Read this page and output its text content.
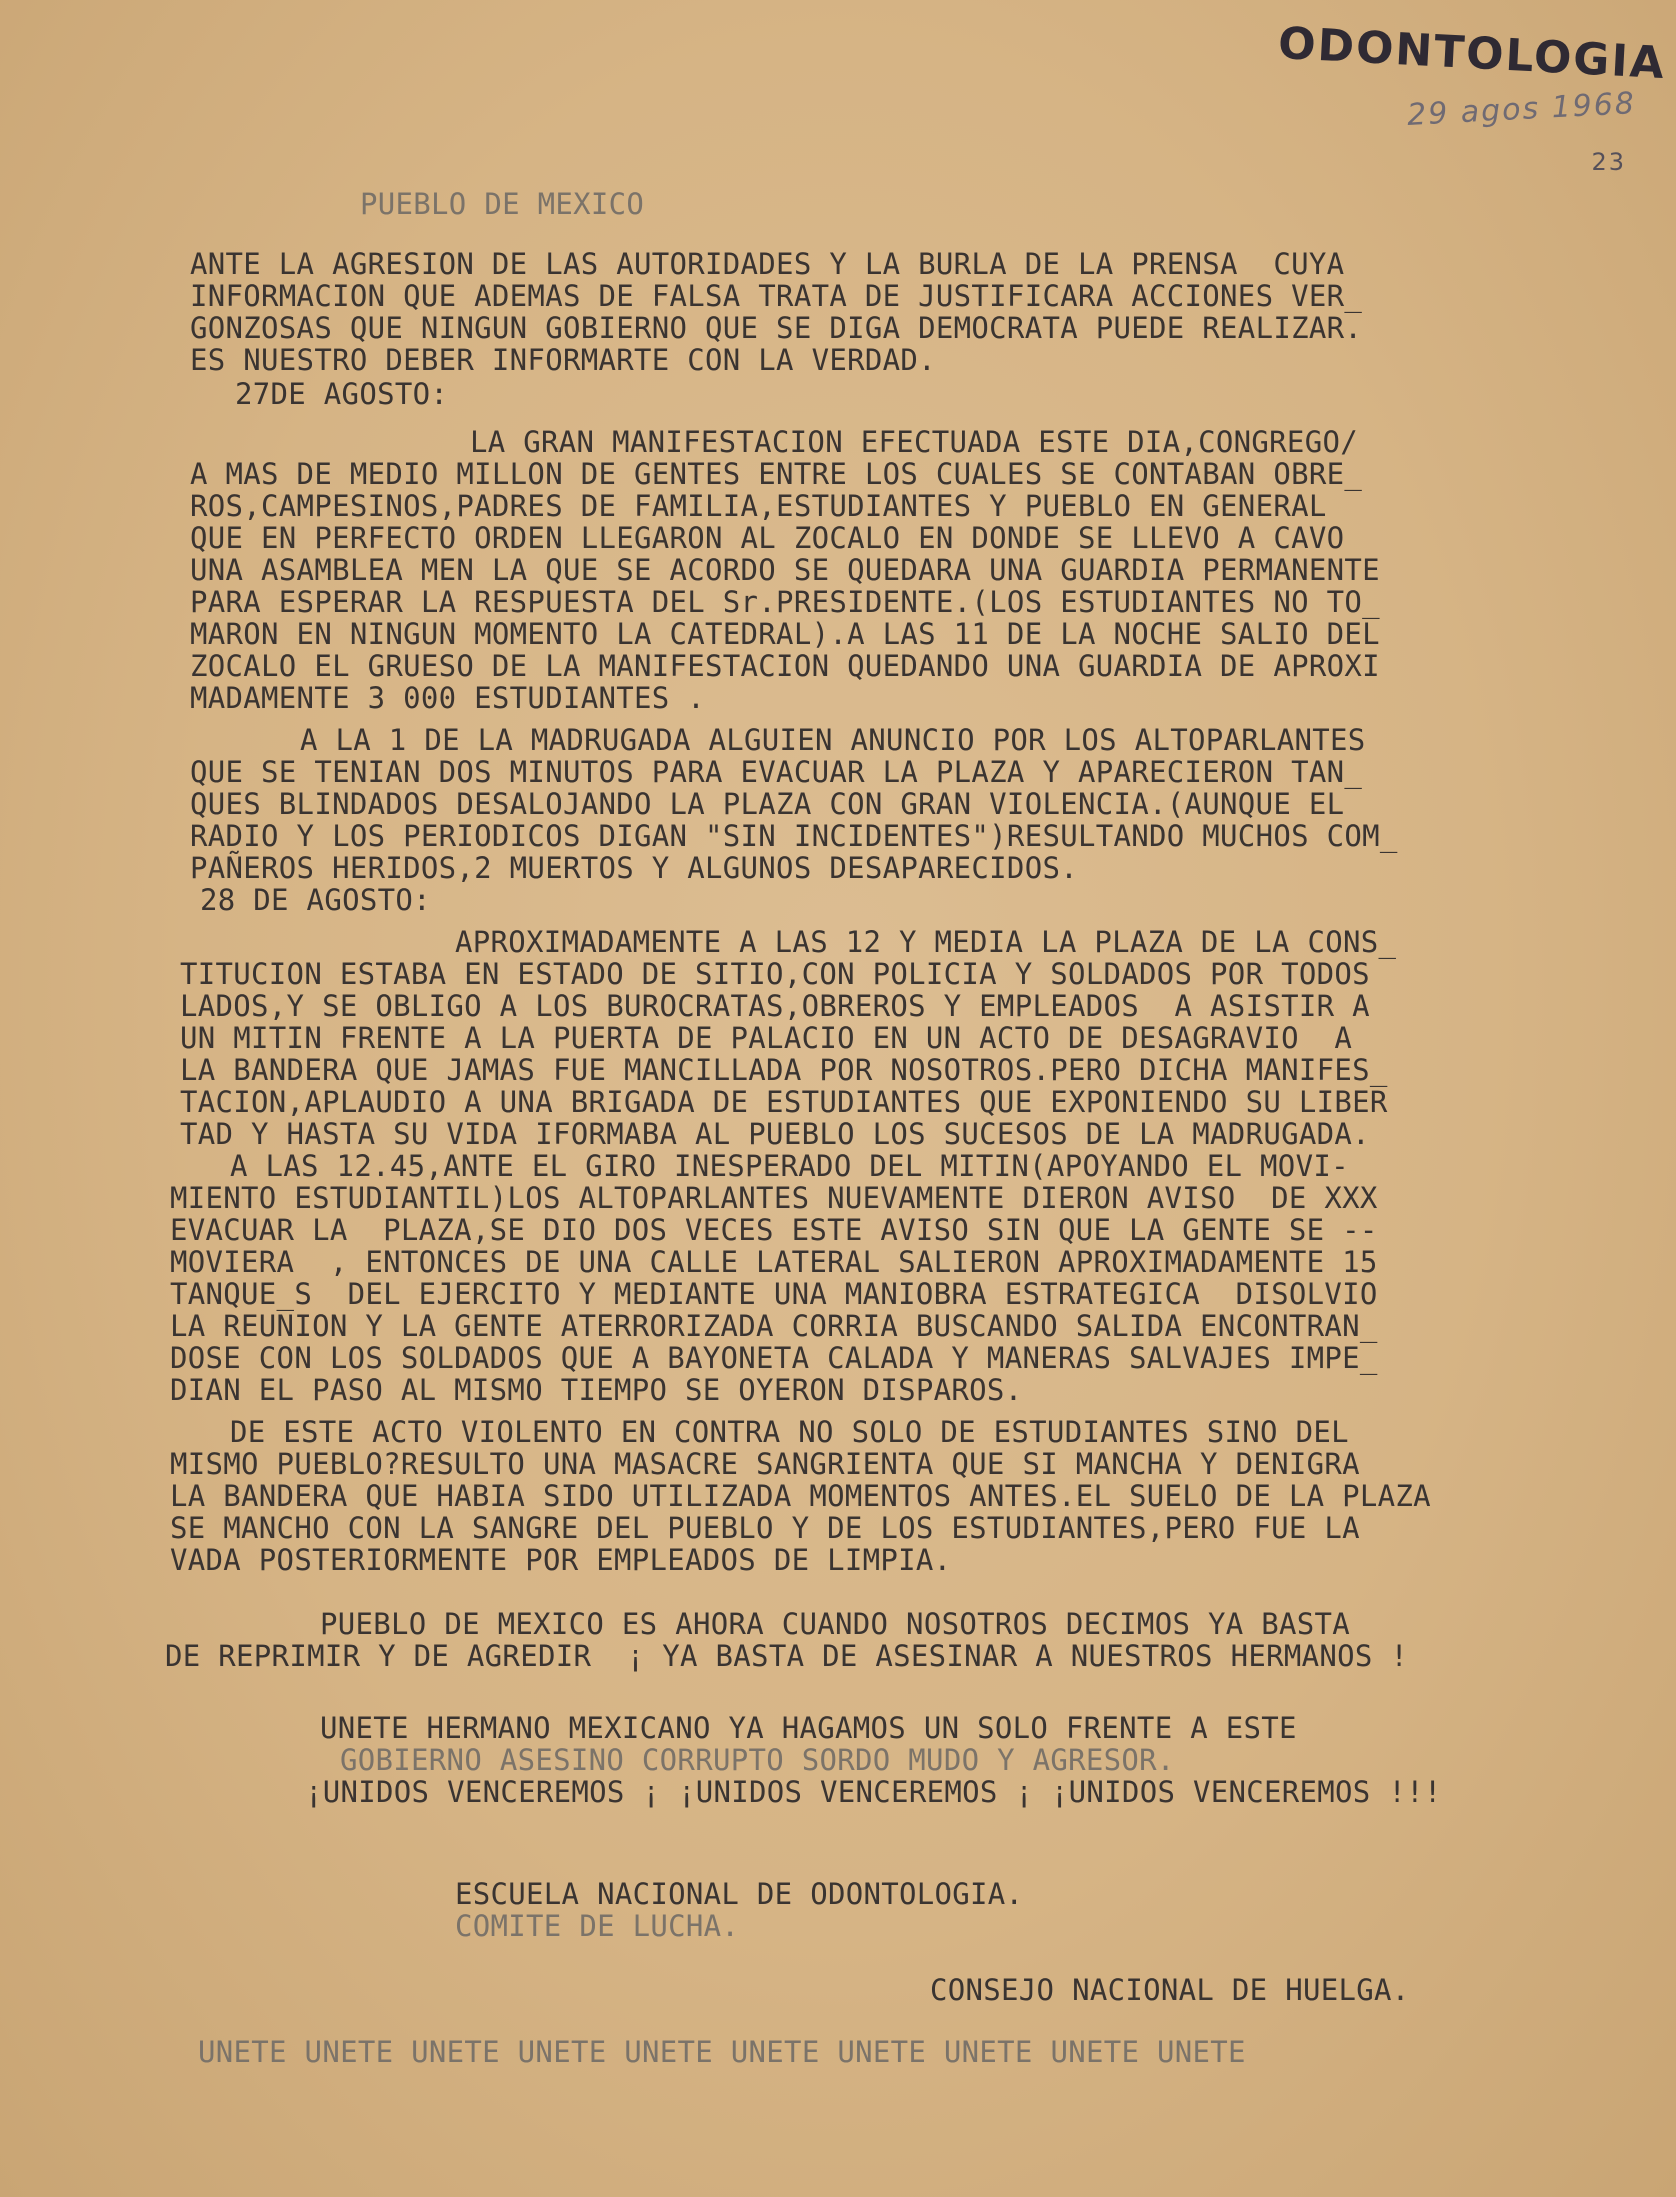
ODONTOLOGIA
29 agos 1968
23
PUEBLO DE MEXICO
ANTE LA AGRESION DE LAS AUTORIDADES Y LA BURLA DE LA PRENSA  CUYA
INFORMACION QUE ADEMAS DE FALSA TRATA DE JUSTIFICARA ACCIONES VER_
GONZOSAS QUE NINGUN GOBIERNO QUE SE DIGA DEMOCRATA PUEDE REALIZAR.
ES NUESTRO DEBER INFORMARTE CON LA VERDAD.
27DE AGOSTO:
LA GRAN MANIFESTACION EFECTUADA ESTE DIA,CONGREGO/
A MAS DE MEDIO MILLON DE GENTES ENTRE LOS CUALES SE CONTABAN OBRE_
ROS,CAMPESINOS,PADRES DE FAMILIA,ESTUDIANTES Y PUEBLO EN GENERAL
QUE EN PERFECTO ORDEN LLEGARON AL ZOCALO EN DONDE SE LLEVO A CAVO
UNA ASAMBLEA MEN LA QUE SE ACORDO SE QUEDARA UNA GUARDIA PERMANENTE
PARA ESPERAR LA RESPUESTA DEL Sr.PRESIDENTE.(LOS ESTUDIANTES NO TO_
MARON EN NINGUN MOMENTO LA CATEDRAL).A LAS 11 DE LA NOCHE SALIO DEL
ZOCALO EL GRUESO DE LA MANIFESTACION QUEDANDO UNA GUARDIA DE APROXI
MADAMENTE 3 000 ESTUDIANTES .
A LA 1 DE LA MADRUGADA ALGUIEN ANUNCIO POR LOS ALTOPARLANTES
QUE SE TENIAN DOS MINUTOS PARA EVACUAR LA PLAZA Y APARECIERON TAN_
QUES BLINDADOS DESALOJANDO LA PLAZA CON GRAN VIOLENCIA.(AUNQUE EL
RADIO Y LOS PERIODICOS DIGAN "SIN INCIDENTES")RESULTANDO MUCHOS COM_
PAÑEROS HERIDOS,2 MUERTOS Y ALGUNOS DESAPARECIDOS.
28 DE AGOSTO:
APROXIMADAMENTE A LAS 12 Y MEDIA LA PLAZA DE LA CONS_
TITUCION ESTABA EN ESTADO DE SITIO,CON POLICIA Y SOLDADOS POR TODOS
LADOS,Y SE OBLIGO A LOS BUROCRATAS,OBREROS Y EMPLEADOS  A ASISTIR A
UN MITIN FRENTE A LA PUERTA DE PALACIO EN UN ACTO DE DESAGRAVIO  A
LA BANDERA QUE JAMAS FUE MANCILLADA POR NOSOTROS.PERO DICHA MANIFES_
TACION,APLAUDIO A UNA BRIGADA DE ESTUDIANTES QUE EXPONIENDO SU LIBER
TAD Y HASTA SU VIDA IFORMABA AL PUEBLO LOS SUCESOS DE LA MADRUGADA.
A LAS 12.45,ANTE EL GIRO INESPERADO DEL MITIN(APOYANDO EL MOVI-
MIENTO ESTUDIANTIL)LOS ALTOPARLANTES NUEVAMENTE DIERON AVISO  DE XXX
EVACUAR LA  PLAZA,SE DIO DOS VECES ESTE AVISO SIN QUE LA GENTE SE --
MOVIERA  , ENTONCES DE UNA CALLE LATERAL SALIERON APROXIMADAMENTE 15
TANQUE_S  DEL EJERCITO Y MEDIANTE UNA MANIOBRA ESTRATEGICA  DISOLVIO
LA REUNION Y LA GENTE ATERRORIZADA CORRIA BUSCANDO SALIDA ENCONTRAN_
DOSE CON LOS SOLDADOS QUE A BAYONETA CALADA Y MANERAS SALVAJES IMPE_
DIAN EL PASO AL MISMO TIEMPO SE OYERON DISPAROS.
DE ESTE ACTO VIOLENTO EN CONTRA NO SOLO DE ESTUDIANTES SINO DEL
MISMO PUEBLO?RESULTO UNA MASACRE SANGRIENTA QUE SI MANCHA Y DENIGRA
LA BANDERA QUE HABIA SIDO UTILIZADA MOMENTOS ANTES.EL SUELO DE LA PLAZA
SE MANCHO CON LA SANGRE DEL PUEBLO Y DE LOS ESTUDIANTES,PERO FUE LA
VADA POSTERIORMENTE POR EMPLEADOS DE LIMPIA.
PUEBLO DE MEXICO ES AHORA CUANDO NOSOTROS DECIMOS YA BASTA
DE REPRIMIR Y DE AGREDIR  ¡ YA BASTA DE ASESINAR A NUESTROS HERMANOS !
UNETE HERMANO MEXICANO YA HAGAMOS UN SOLO FRENTE A ESTE
GOBIERNO ASESINO CORRUPTO SORDO MUDO Y AGRESOR.
¡UNIDOS VENCEREMOS ¡ ¡UNIDOS VENCEREMOS ¡ ¡UNIDOS VENCEREMOS !!!
ESCUELA NACIONAL DE ODONTOLOGIA.
COMITE DE LUCHA.
CONSEJO NACIONAL DE HUELGA.
UNETE UNETE UNETE UNETE UNETE UNETE UNETE UNETE UNETE UNETE
